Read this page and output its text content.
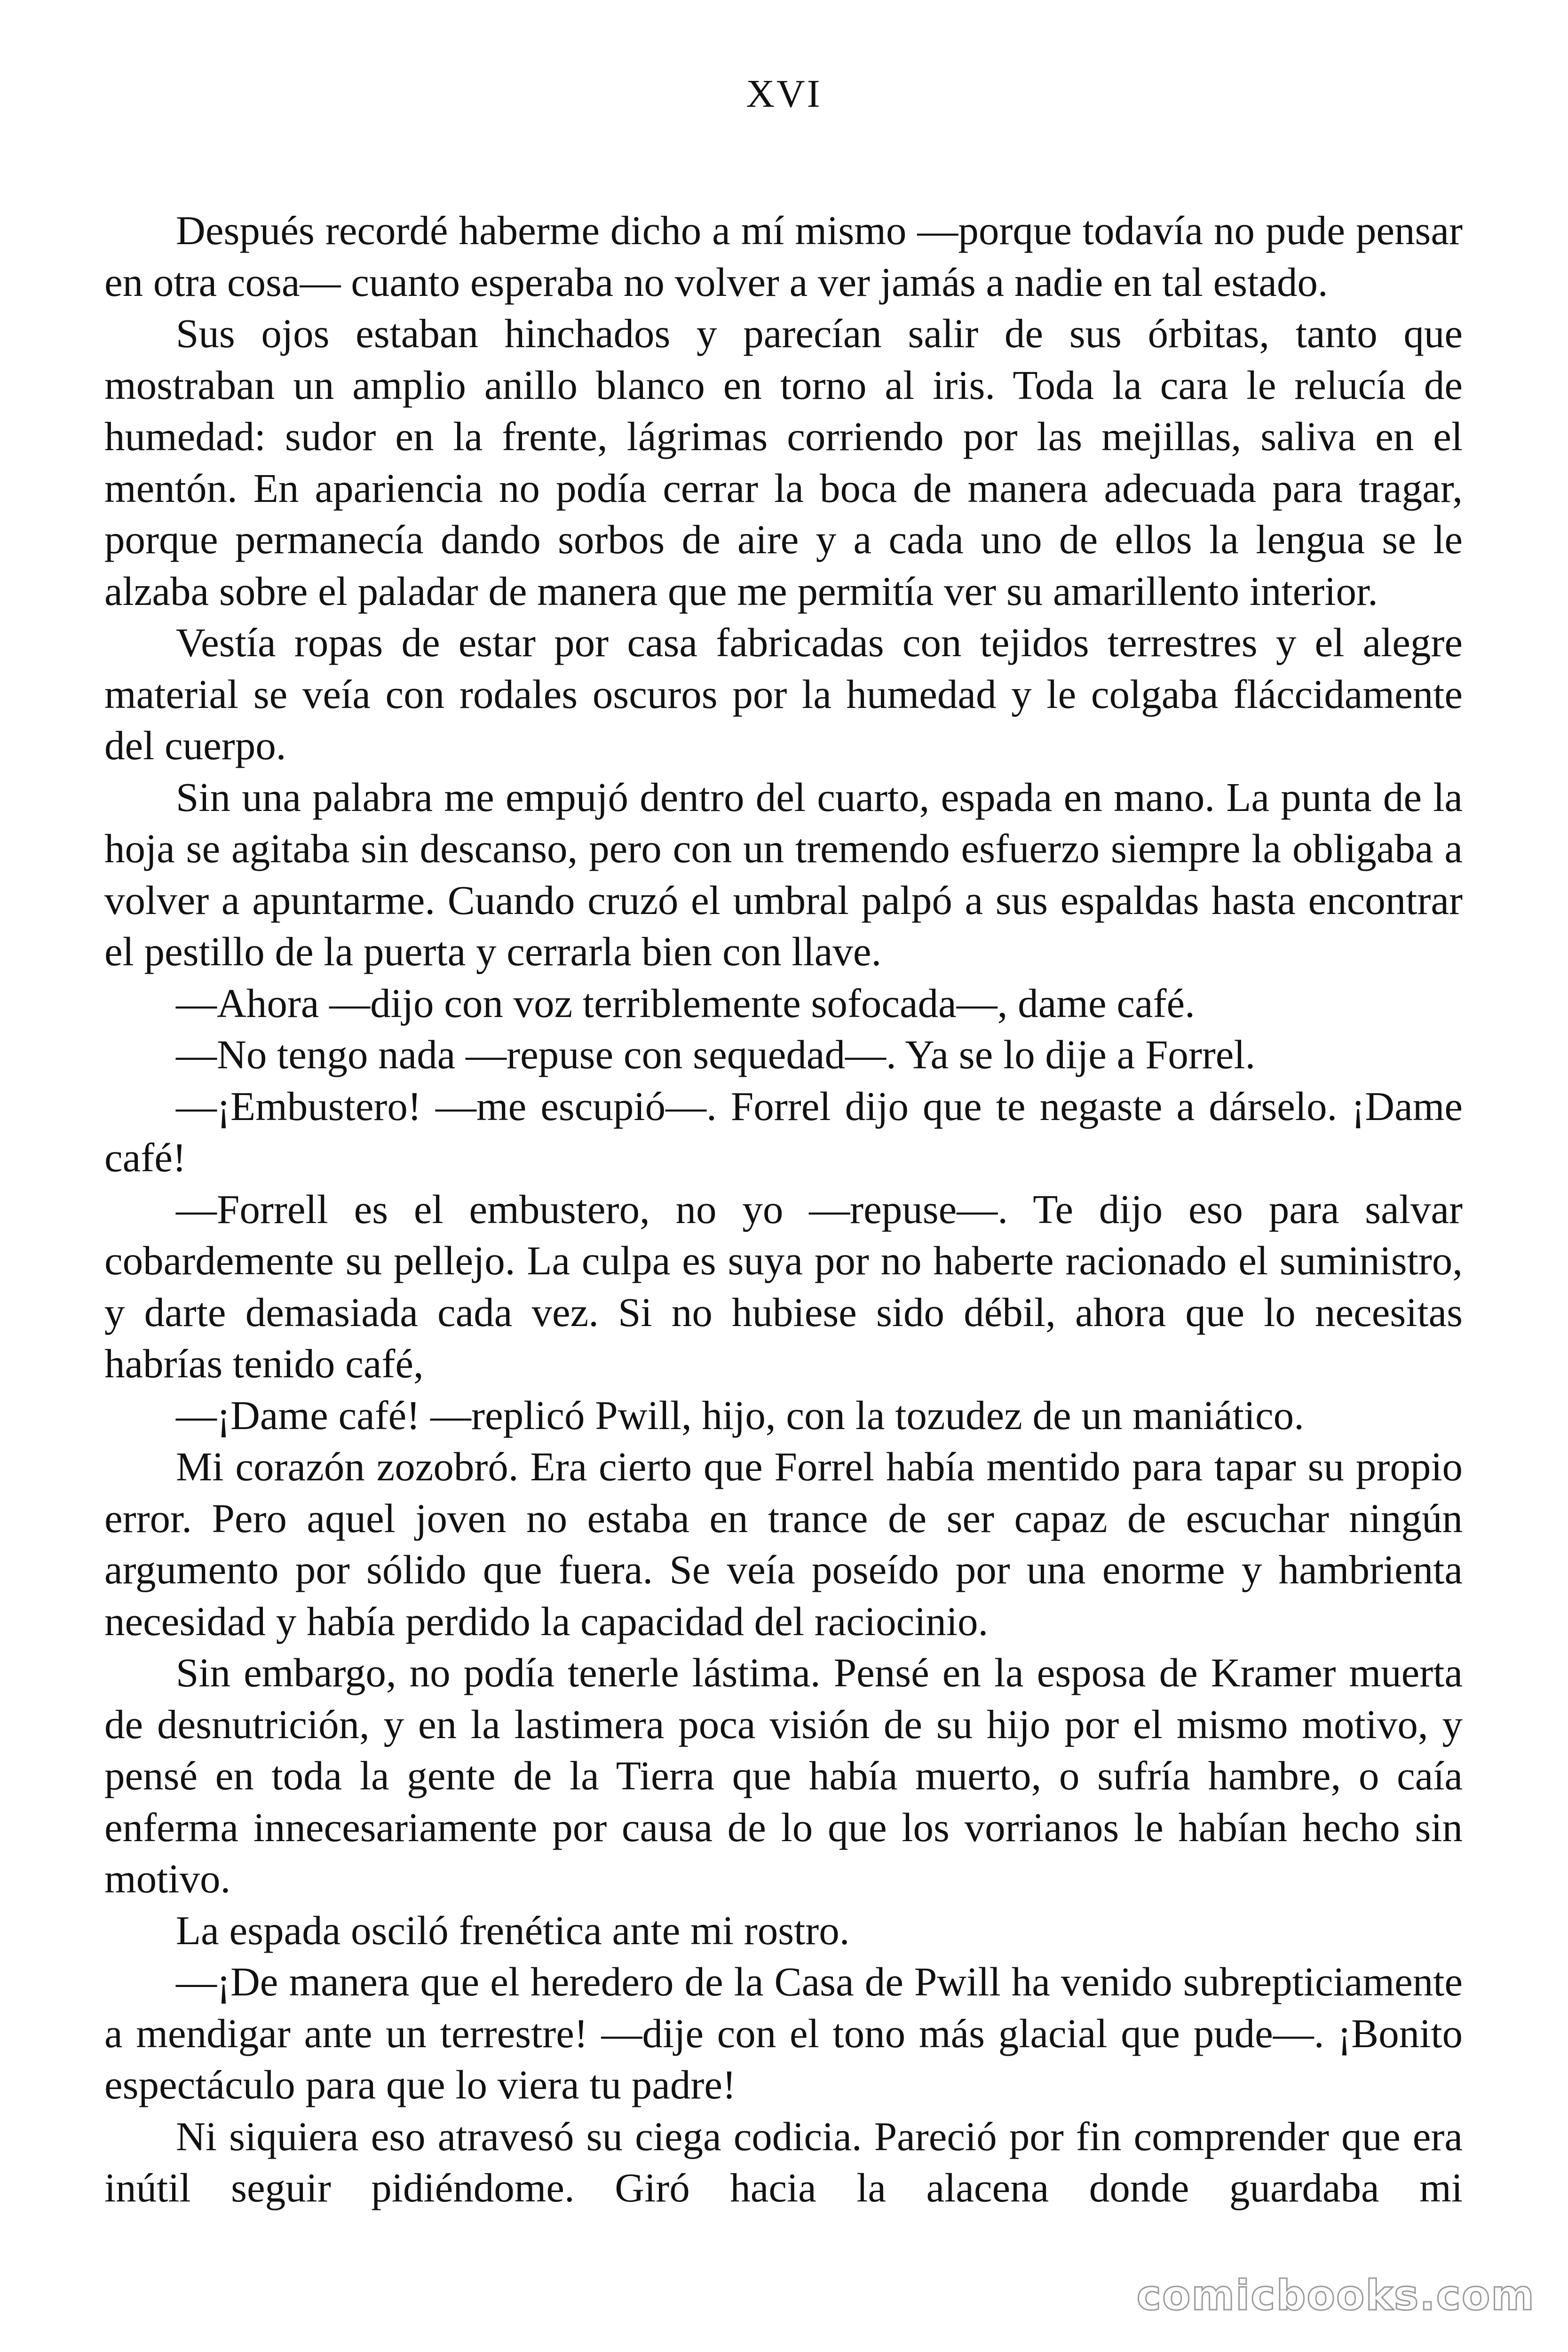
XVI

Después recordé haberme dicho a mí mismo —porque todavía no pude pensar en otra cosa— cuanto esperaba no volver a ver jamás a nadie en tal estado.

Sus ojos estaban hinchados y parecían salir de sus órbitas, tanto que mostraban un amplio anillo blanco en torno al iris. Toda la cara le relucía de humedad: sudor en la frente, lágrimas corriendo por las mejillas, saliva en el mentón. En apariencia no podía cerrar la boca de manera adecuada para tragar, porque permanecía dando sorbos de aire y a cada uno de ellos la lengua se le alzaba sobre el paladar de manera que me permitía ver su amarillento interior.

Vestía ropas de estar por casa fabricadas con tejidos terrestres y el alegre material se veía con rodales oscuros por la humedad y le colgaba fláccidamente del cuerpo.

Sin una palabra me empujó dentro del cuarto, espada en mano. La punta de la hoja se agitaba sin descanso, pero con un tremendo esfuerzo siempre la obligaba a volver a apuntarme. Cuando cruzó el umbral palpó a sus espaldas hasta encontrar el pestillo de la puerta y cerrarla bien con llave.

—Ahora —dijo con voz terriblemente sofocada—, dame café.

—No tengo nada —repuse con sequedad—. Ya se lo dije a Forrel.

—¡Embustero! —me escupió—. Forrel dijo que te negaste a dárselo. ¡Dame café!

—Forrell es el embustero, no yo —repuse—. Te dijo eso para salvar cobardemente su pellejo. La culpa es suya por no haberte racionado el suministro, y darte demasiada cada vez. Si no hubiese sido débil, ahora que lo necesitas habrías tenido café,

—¡Dame café! —replicó Pwill, hijo, con la tozudez de un maniático.

Mi corazón zozobró. Era cierto que Forrel había mentido para tapar su propio error. Pero aquel joven no estaba en trance de ser capaz de escuchar ningún argumento por sólido que fuera. Se veía poseído por una enorme y hambrienta necesidad y había perdido la capacidad del raciocinio.

Sin embargo, no podía tenerle lástima. Pensé en la esposa de Kramer muerta de desnutrición, y en la lastimera poca visión de su hijo por el mismo motivo, y pensé en toda la gente de la Tierra que había muerto, o sufría hambre, o caía enferma innecesariamente por causa de lo que los vorrianos le habían hecho sin motivo.

La espada osciló frenética ante mi rostro.

—¡De manera que el heredero de la Casa de Pwill ha venido subrepticiamente a mendigar ante un terrestre! —dije con el tono más glacial que pude—. ¡Bonito espectáculo para que lo viera tu padre!

Ni siquiera eso atravesó su ciega codicia. Pareció por fin comprender que era inútil seguir pidiéndome. Giró hacia la alacena donde guardaba mi

comicbooks.com
